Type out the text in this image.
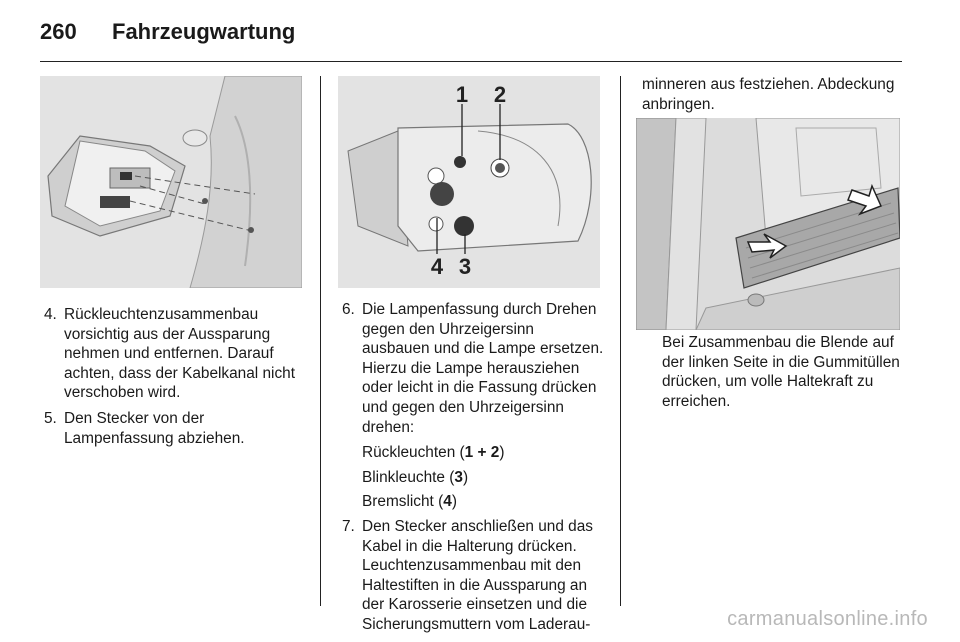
260	Fahrzeugwartung
4. Rückleuchtenzusammenbau vorsichtig aus der Aussparung nehmen und entfernen. Darauf achten, dass der Kabelkanal nicht verschoben wird.
5. Den Stecker von der Lampenfassung abziehen.
1 2
3
4
6. Die Lampenfassung durch Drehen gegen den Uhrzeigersinn ausbauen und die Lampe ersetzen. Hierzu die Lampe herausziehen oder leicht in die Fassung drücken und gegen den Uhrzeigersinn drehen:
Rückleuchten (1 + 2)
Blinkleuchte (3)
Bremslicht (4)
7. Den Stecker anschließen und das Kabel in die Halterung drücken. Leuchtenzusammenbau mit den Haltestiften in die Aussparung an der Karosserie einsetzen und die Sicherungsmuttern vom Laderau-

minneren aus festziehen. Abdeckung anbringen.

Bei Zusammenbau die Blende auf der linken Seite in die Gummitüllen drücken, um volle Haltekraft zu erreichen.

carmanualsonline.info
